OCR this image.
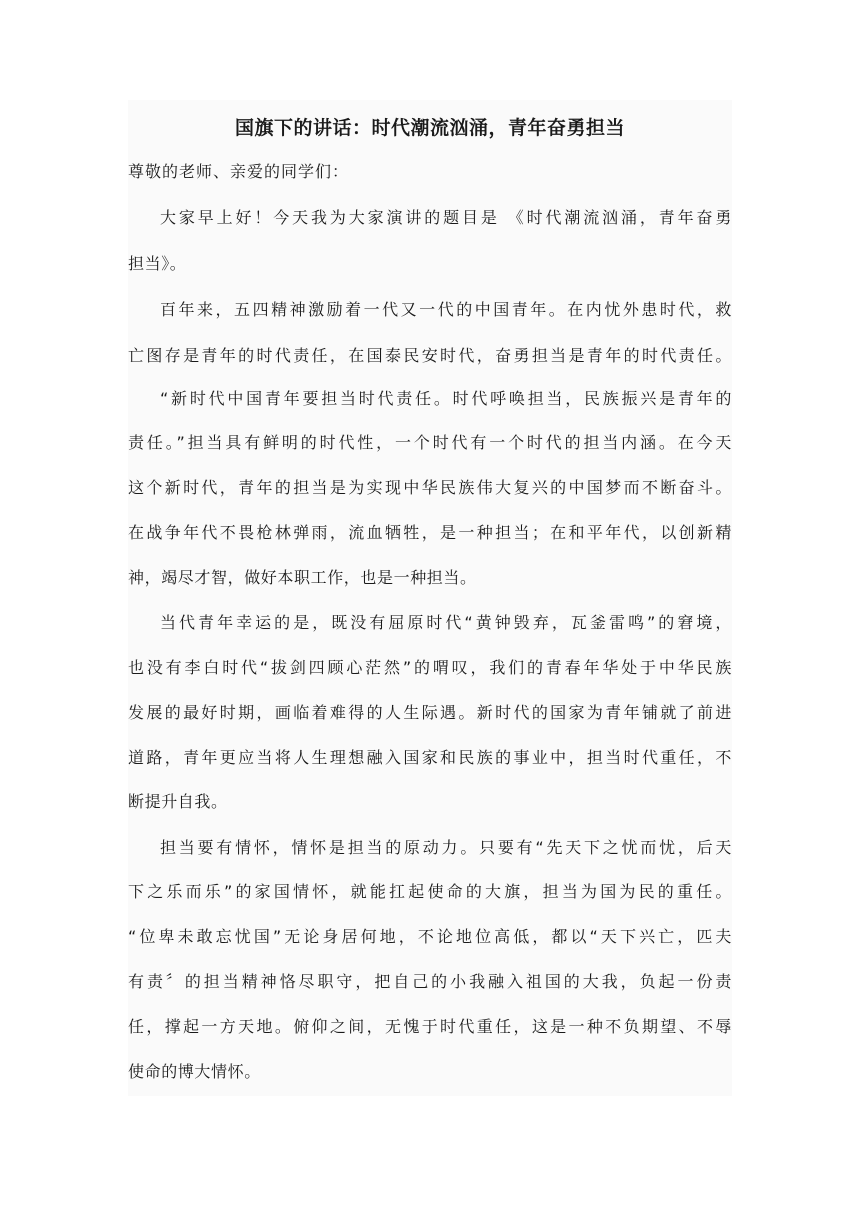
国旗下的讲话：时代潮流汹涌，青年奋勇担当
尊敬的老师、亲爱的同学们：
大家早上好！今天我为大家演讲的题目是 《时代潮流汹涌，青年奋勇
担当》。
百年来，五四精神激励着一代又一代的中国青年。在内忧外患时代，救
亡图存是青年的时代责任，在国泰民安时代，奋勇担当是青年的时代责任。
“新时代中国青年要担当时代责任。时代呼唤担当，民族振兴是青年的
责任。”担当具有鲜明的时代性，一个时代有一个时代的担当内涵。在今天
这个新时代，青年的担当是为实现中华民族伟大复兴的中国梦而不断奋斗。
在战争年代不畏枪林弹雨，流血牺牲，是一种担当；在和平年代，以创新精
神，竭尽才智，做好本职工作，也是一种担当。
当代青年幸运的是，既没有屈原时代“黄钟毁弃，瓦釜雷鸣”的窘境，
也没有李白时代“拔剑四顾心茫然”的喟叹，我们的青春年华处于中华民族
发展的最好时期，画临着难得的人生际遇。新时代的国家为青年铺就了前进
道路，青年更应当将人生理想融入国家和民族的事业中，担当时代重任，不
断提升自我。
担当要有情怀，情怀是担当的原动力。只要有“先天下之忧而忧，后天
下之乐而乐”的家国情怀，就能扛起使命的大旗，担当为国为民的重任。
“位卑未敢忘忧国”无论身居何地，不论地位高低，都以“天下兴亡，匹夫
有责〞的担当精神恪尽职守，把自己的小我融入祖国的大我，负起一份责
任，撑起一方天地。俯仰之间，无愧于时代重任，这是一种不负期望、不辱
使命的博大情怀。
